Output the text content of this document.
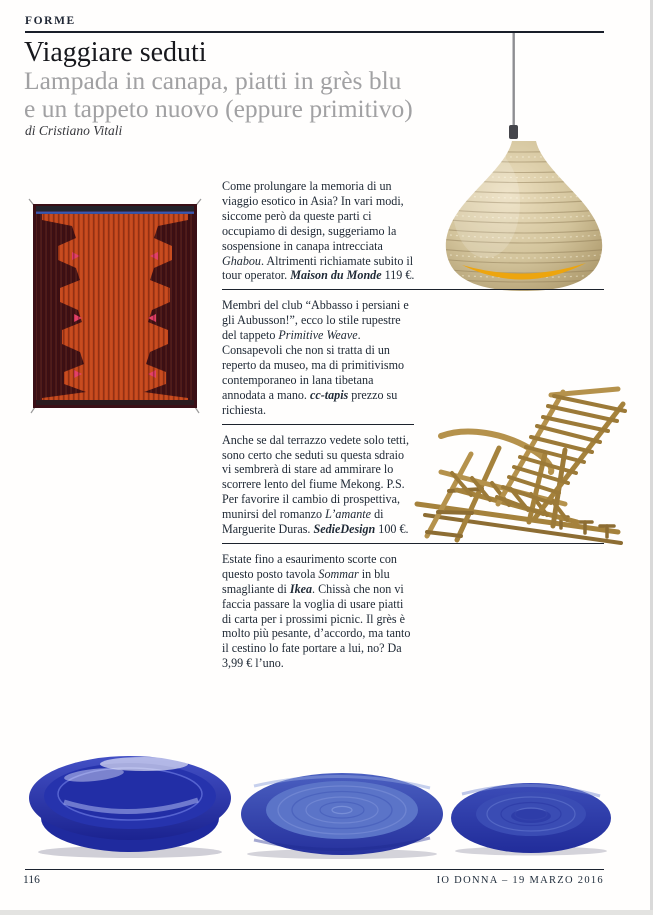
FORME
Viaggiare seduti
Lampada in canapa, piatti in grès blu
e un tappeto nuovo (eppure primitivo)
di Cristiano Vitali

Come prolungare la memoria di un viaggio esotico in Asia? In vari modi, siccome però da queste parti ci occupiamo di design, suggeriamo la sospensione in canapa intrecciata Ghabou. Altrimenti richiamate subito il tour operator. Maison du Monde 119 €.

Membri del club “Abbasso i persiani e gli Aubusson!”, ecco lo stile rupestre del tappeto Primitive Weave. Consapevoli che non si tratta di un reperto da museo, ma di primitivismo contemporaneo in lana tibetana annodata a mano. cc-tapis prezzo su richiesta.

Anche se dal terrazzo vedete solo tetti, sono certo che seduti su questa sdraio vi sembrerà di stare ad ammirare lo scorrere lento del fiume Mekong. P.S. Per favorire il cambio di prospettiva, munirsi del romanzo L’amante di Marguerite Duras. SedieDesign 100 €.

Estate fino a esaurimento scorte con questo posto tavola Sommar in blu smagliante di Ikea. Chissà che non vi faccia passare la voglia di usare piatti di carta per i prossimi picnic. Il grès è molto più pesante, d’accordo, ma tanto il cestino lo fate portare a lui, no? Da 3,99 € l’uno.

116	IO DONNA – 19 MARZO 2016
